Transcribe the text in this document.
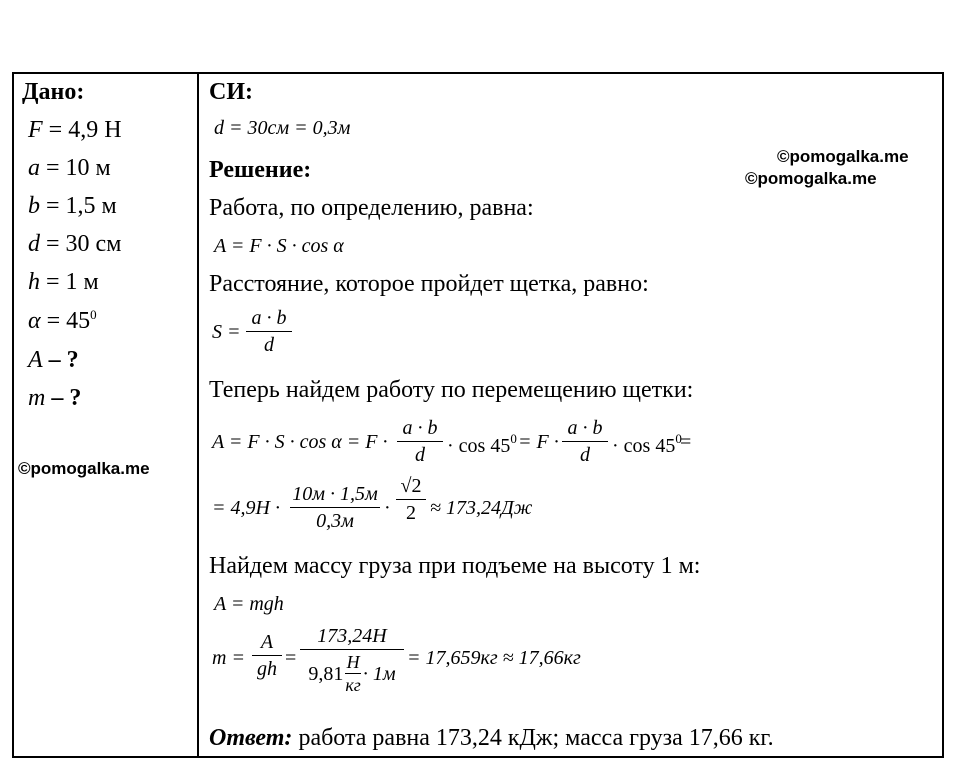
Дано:
F = 4,9 Н
a = 10 м
b = 1,5 м
d = 30 см
h = 1 м
$\alpha = 45^0$
A – ?
m – ?
©pomogalka.me
СИ:
d = 30см = 0,3м
©pomogalka.me
©pomogalka.me
Решение:
Работа, по определению, равна:
A = F · S · cos α
Расстояние, которое пройдет щетка, равно:
S =
a · b
d
Теперь найдем работу по перемещению щетки:
A = F · S · cos α = F ·
a · b
d	· $\cos 45^0 = F$ ·
a · b
d	· $\cos 45^0$
=
= 4,9Н ·
10м · 1,5м
0,3м
·
√2
2 ≈ 173,24Дж
Найдем массу груза при подъеме на высоту 1 м:
A = mgh
m =
A
gh =
173,24Н
9,81
Н
кг
· 1м
= 17,659кг ≈ 17,66кг
Ответ: работа равна 173,24 кДж; масса груза 17,66 кг.
